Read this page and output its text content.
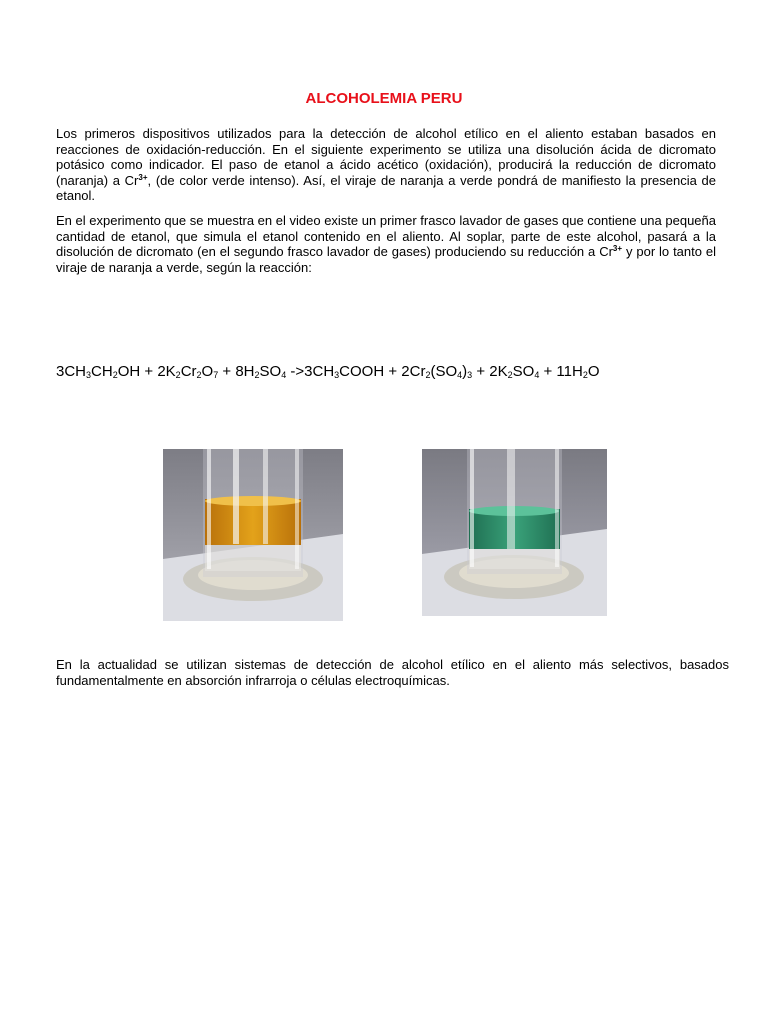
ALCOHOLEMIA PERU

Los primeros dispositivos utilizados para la detección de alcohol etílico en el aliento estaban basados en reacciones de oxidación-reducción. En el siguiente experimento se utiliza una disolución ácida de dicromato potásico como indicador. El paso de etanol a ácido acético (oxidación), producirá la reducción de dicromato (naranja) a $Cr^{3+}$, (de color verde intenso). Así, el viraje de naranja a verde pondrá de manifiesto la presencia de etanol.

En el experimento que se muestra en el video existe un primer frasco lavador de gases que contiene una pequeña cantidad de etanol, que simula el etanol contenido en el aliento. Al soplar, parte de este alcohol, pasará a la disolución de dicromato (en el segundo frasco lavador de gases) produciendo su reducción a $Cr^{3+}$ y por lo tanto el viraje de naranja a verde, según la reacción:

$3CH_3CH_2OH + 2K_2Cr_2O_7 + 8H_2SO_4$ $->3CH_3COOH + 2Cr_2(SO_4)_3 + 2K_2SO_4 + 11H_2O$

En la actualidad se utilizan sistemas de detección de alcohol etílico en el aliento más selectivos, basados fundamentalmente en absorción infrarroja o células electroquímicas.
